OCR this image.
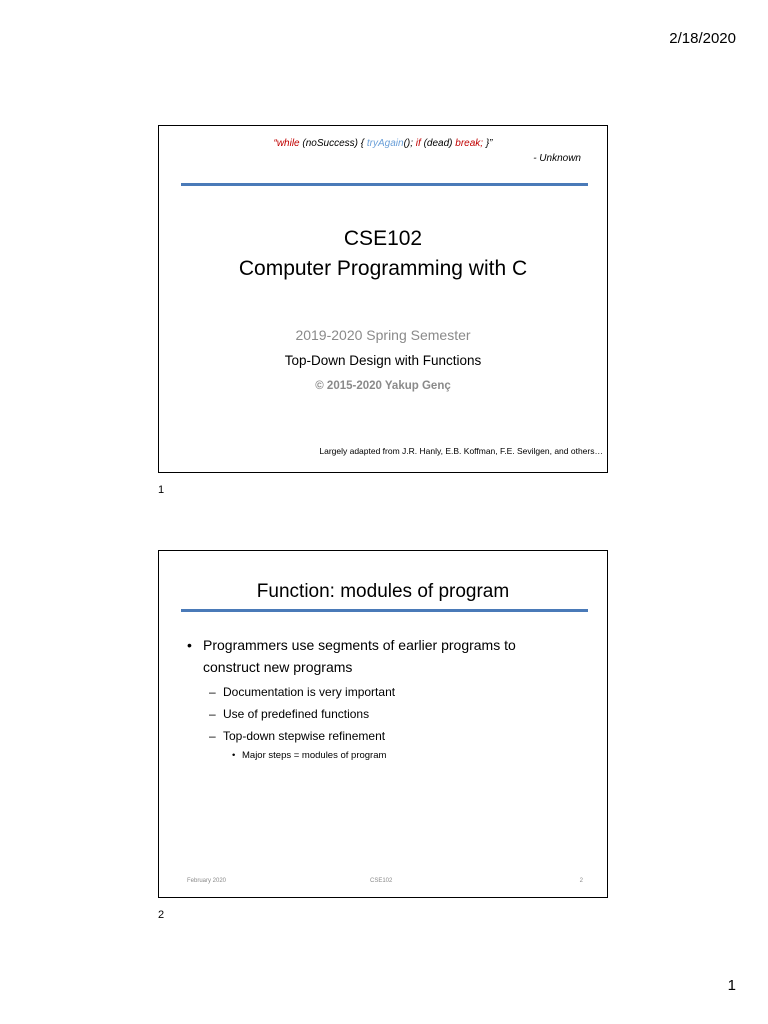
2/18/2020
“while (noSuccess) { tryAgain(); if (dead) break; }”
- Unknown
CSE102
Computer Programming with C
2019-2020 Spring Semester
Top-Down Design with Functions
© 2015-2020 Yakup Genç
Largely adapted from J.R. Hanly, E.B. Koffman, F.E. Sevilgen, and others…
1
Function: modules of program
• Programmers use segments of earlier programs to
construct new programs
– Documentation is very important
– Use of predefined functions
– Top-down stepwise refinement
• Major steps = modules of program
February 2020	CSE102	2
2
1
